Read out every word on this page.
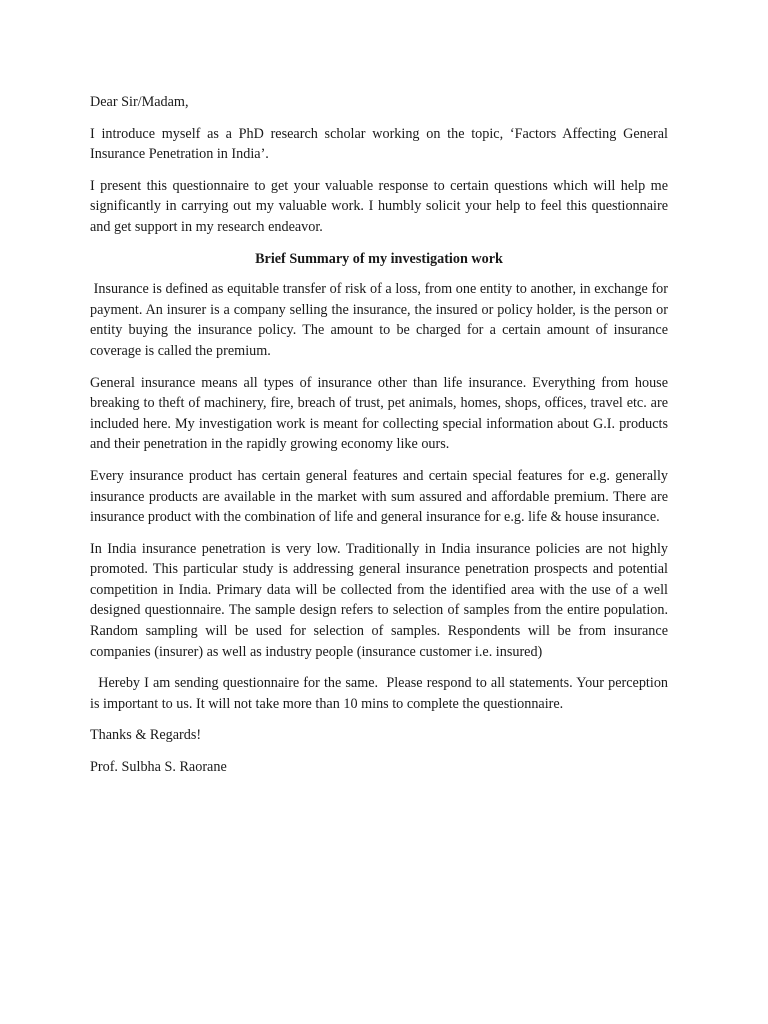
Dear Sir/Madam,

I introduce myself as a PhD research scholar working on the topic, ‘Factors Affecting General Insurance Penetration in India’.

I present this questionnaire to get your valuable response to certain questions which will help me significantly in carrying out my valuable work. I humbly solicit your help to feel this questionnaire and get support in my research endeavor.

Brief Summary of my investigation work

Insurance is defined as equitable transfer of risk of a loss, from one entity to another, in exchange for payment. An insurer is a company selling the insurance, the insured or policy holder, is the person or entity buying the insurance policy. The amount to be charged for a certain amount of insurance coverage is called the premium.

General insurance means all types of insurance other than life insurance. Everything from house breaking to theft of machinery, fire, breach of trust, pet animals, homes, shops, offices, travel etc. are included here. My investigation work is meant for collecting special information about G.I. products and their penetration in the rapidly growing economy like ours.

Every insurance product has certain general features and certain special features for e.g. generally insurance products are available in the market with sum assured and affordable premium. There are insurance product with the combination of life and general insurance for e.g. life & house insurance.

In India insurance penetration is very low. Traditionally in India insurance policies are not highly promoted. This particular study is addressing general insurance penetration prospects and potential competition in India. Primary data will be collected from the identified area with the use of a well designed questionnaire. The sample design refers to selection of samples from the entire population. Random sampling will be used for selection of samples. Respondents will be from insurance companies (insurer) as well as industry people (insurance customer i.e. insured)

Hereby I am sending questionnaire for the same.  Please respond to all statements. Your perception is important to us. It will not take more than 10 mins to complete the questionnaire.

Thanks & Regards!

Prof. Sulbha S. Raorane
